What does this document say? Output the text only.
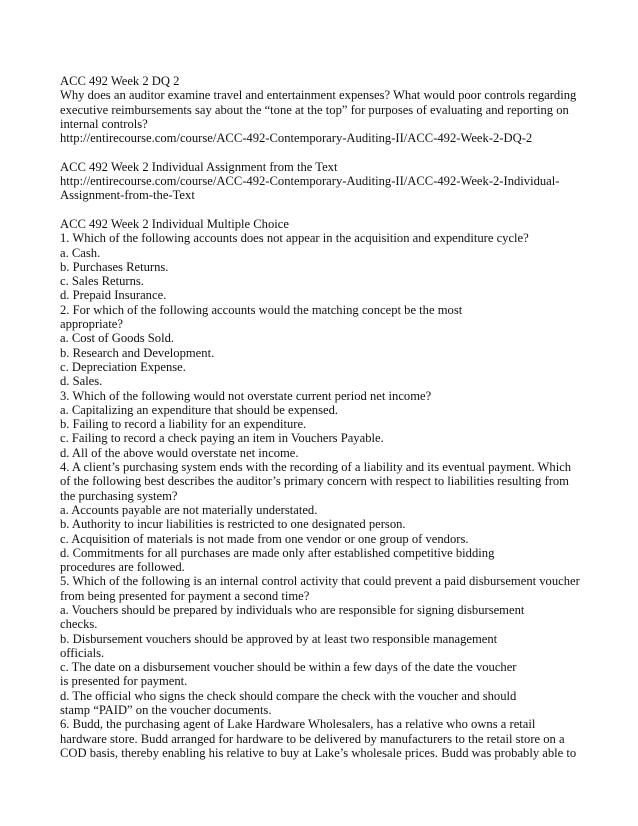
ACC 492 Week 2 DQ 2
Why does an auditor examine travel and entertainment expenses? What would poor controls regarding
executive reimbursements say about the “tone at the top” for purposes of evaluating and reporting on
internal controls?
http://entirecourse.com/course/ACC-492-Contemporary-Auditing-II/ACC-492-Week-2-DQ-2
ACC 492 Week 2 Individual Assignment from the Text
http://entirecourse.com/course/ACC-492-Contemporary-Auditing-II/ACC-492-Week-2-Individual-
Assignment-from-the-Text
ACC 492 Week 2 Individual Multiple Choice
1. Which of the following accounts does not appear in the acquisition and expenditure cycle?
a. Cash.
b. Purchases Returns.
c. Sales Returns.
d. Prepaid Insurance.
2. For which of the following accounts would the matching concept be the most
appropriate?
a. Cost of Goods Sold.
b. Research and Development.
c. Depreciation Expense.
d. Sales.
3. Which of the following would not overstate current period net income?
a. Capitalizing an expenditure that should be expensed.
b. Failing to record a liability for an expenditure.
c. Failing to record a check paying an item in Vouchers Payable.
d. All of the above would overstate net income.
4. A client’s purchasing system ends with the recording of a liability and its eventual payment. Which
of the following best describes the auditor’s primary concern with respect to liabilities resulting from
the purchasing system?
a. Accounts payable are not materially understated.
b. Authority to incur liabilities is restricted to one designated person.
c. Acquisition of materials is not made from one vendor or one group of vendors.
d. Commitments for all purchases are made only after established competitive bidding
procedures are followed.
5. Which of the following is an internal control activity that could prevent a paid disbursement voucher
from being presented for payment a second time?
a. Vouchers should be prepared by individuals who are responsible for signing disbursement
checks.
b. Disbursement vouchers should be approved by at least two responsible management
officials.
c. The date on a disbursement voucher should be within a few days of the date the voucher
is presented for payment.
d. The official who signs the check should compare the check with the voucher and should
stamp “PAID” on the voucher documents.
6. Budd, the purchasing agent of Lake Hardware Wholesalers, has a relative who owns a retail
hardware store. Budd arranged for hardware to be delivered by manufacturers to the retail store on a
COD basis, thereby enabling his relative to buy at Lake’s wholesale prices. Budd was probably able to
